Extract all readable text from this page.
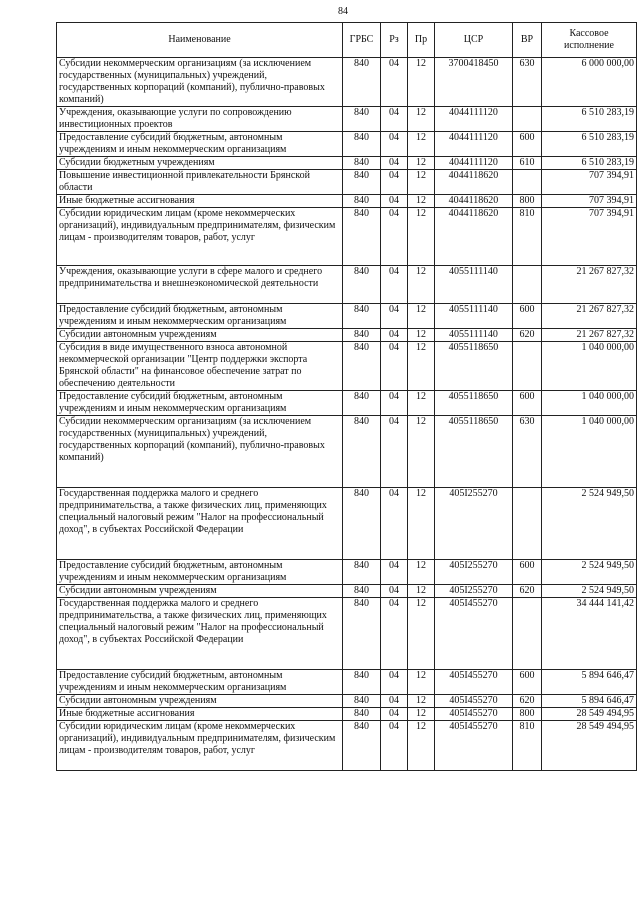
84
Наименование	ГРБС	Рз	Пр	ЦСР	ВР	Кассовое исполнение
Субсидии некоммерческим организациям (за исключением государственных (муниципальных) учреждений, государственных корпораций (компаний), публично-правовых компаний)	840	04	12	3700418450	630	6 000 000,00
Учреждения, оказывающие услуги по сопровождению инвестиционных проектов	840	04	12	4044111120		6 510 283,19
Предоставление субсидий бюджетным, автономным учреждениям и иным некоммерческим организациям	840	04	12	4044111120	600	6 510 283,19
Субсидии бюджетным учреждениям	840	04	12	4044111120	610	6 510 283,19
Повышение инвестиционной привлекательности Брянской области	840	04	12	4044118620		707 394,91
Иные бюджетные ассигнования	840	04	12	4044118620	800	707 394,91
Субсидии юридическим лицам (кроме некоммерческих организаций), индивидуальным предпринимателям, физическим лицам - производителям товаров, работ, услуг	840	04	12	4044118620	810	707 394,91
Учреждения, оказывающие услуги в сфере малого и среднего предпринимательства и внешнеэкономической деятельности	840	04	12	4055111140		21 267 827,32
Предоставление субсидий бюджетным, автономным учреждениям и иным некоммерческим организациям	840	04	12	4055111140	600	21 267 827,32
Субсидии автономным учреждениям	840	04	12	4055111140	620	21 267 827,32
Субсидия в виде имущественного взноса автономной некоммерческой организации "Центр поддержки экспорта Брянской области" на финансовое обеспечение затрат по обеспечению деятельности	840	04	12	4055118650		1 040 000,00
Предоставление субсидий бюджетным, автономным учреждениям и иным некоммерческим организациям	840	04	12	4055118650	600	1 040 000,00
Субсидии некоммерческим организациям (за исключением государственных (муниципальных) учреждений, государственных корпораций (компаний), публично-правовых компаний)	840	04	12	4055118650	630	1 040 000,00
Государственная поддержка малого и среднего предпринимательства, а также физических лиц, применяющих специальный налоговый режим "Налог на профессиональный доход", в субъектах Российской Федерации	840	04	12	405I255270		2 524 949,50
Предоставление субсидий бюджетным, автономным учреждениям и иным некоммерческим организациям	840	04	12	405I255270	600	2 524 949,50
Субсидии автономным учреждениям	840	04	12	405I255270	620	2 524 949,50
Государственная поддержка малого и среднего предпринимательства, а также физических лиц, применяющих специальный налоговый режим "Налог на профессиональный доход", в субъектах Российской Федерации	840	04	12	405I455270		34 444 141,42
Предоставление субсидий бюджетным, автономным учреждениям и иным некоммерческим организациям	840	04	12	405I455270	600	5 894 646,47
Субсидии автономным учреждениям	840	04	12	405I455270	620	5 894 646,47
Иные бюджетные ассигнования	840	04	12	405I455270	800	28 549 494,95
Субсидии юридическим лицам (кроме некоммерческих организаций), индивидуальным предпринимателям, физическим лицам - производителям товаров, работ, услуг	840	04	12	405I455270	810	28 549 494,95
